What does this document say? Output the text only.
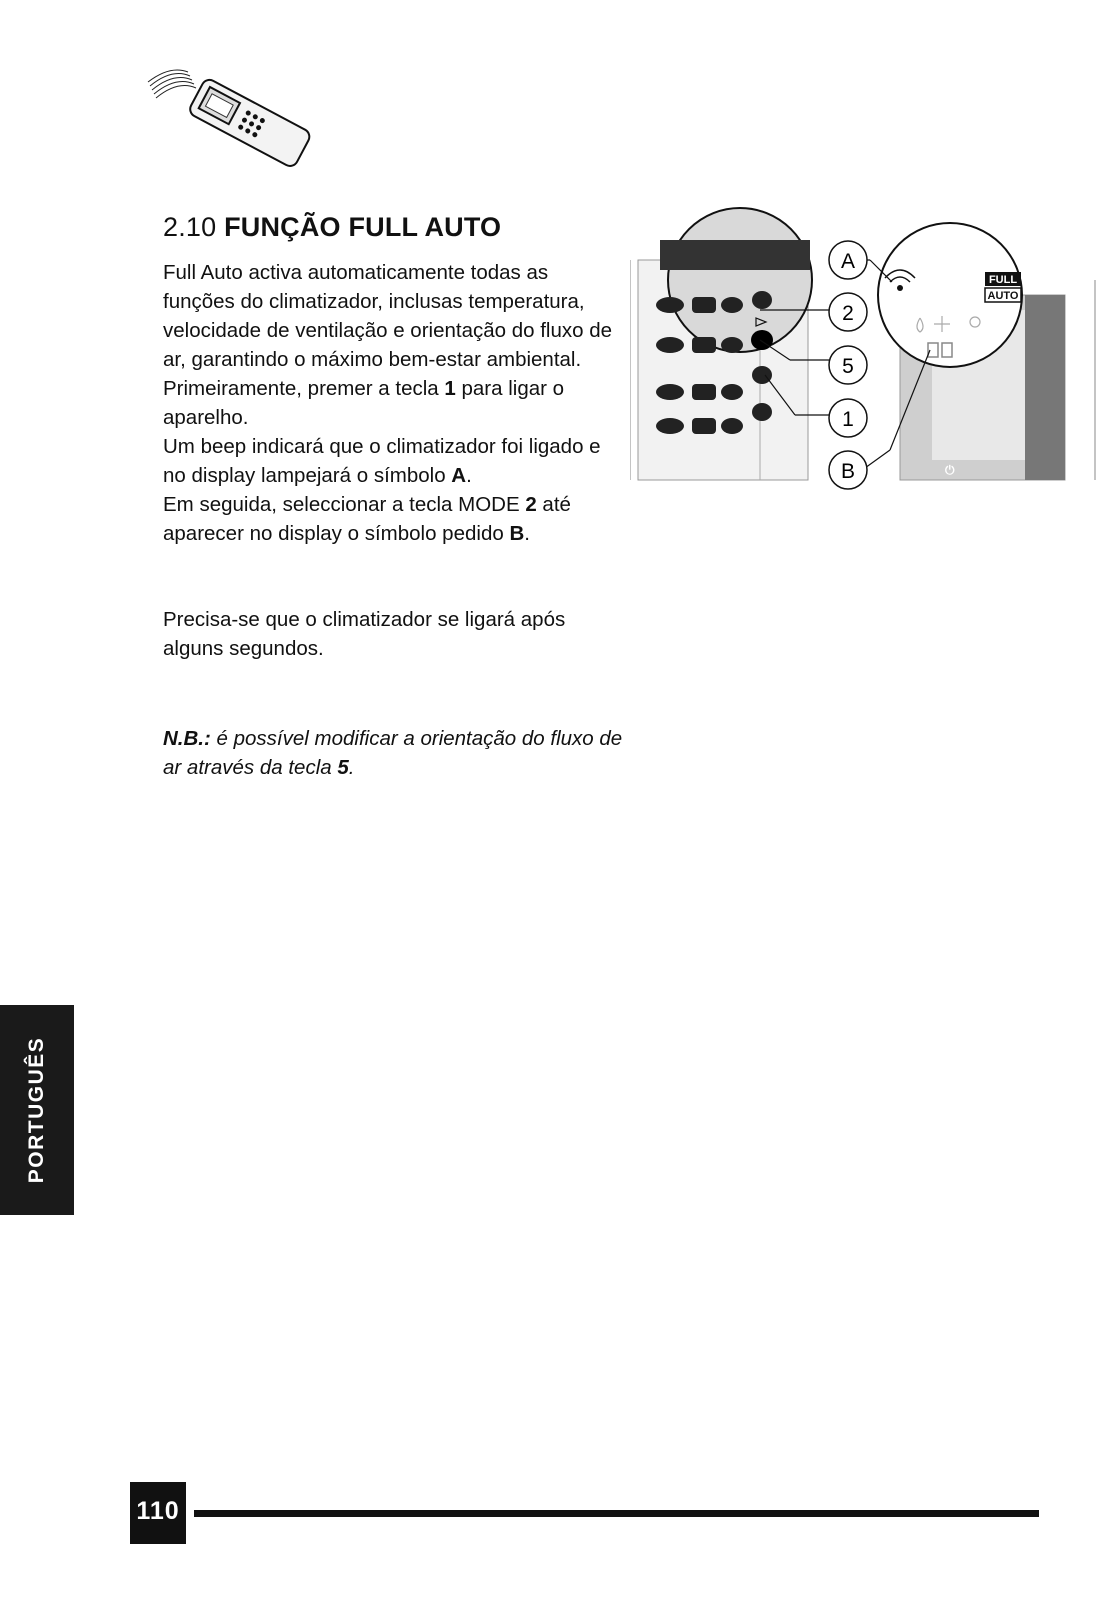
2.10 FUNÇÃO FULL AUTO

Full Auto activa automaticamente todas as funções do climatizador, inclusas temperatura, velocidade de ventilação e orientação do fluxo de ar, garantindo o máximo bem-estar ambiental.

Primeiramente, premer a tecla 1 para ligar o aparelho.

Um beep indicará que o climatizador foi ligado e no display lampejará o símbolo A.

Em seguida, seleccionar a tecla MODE 2 até aparecer no display o símbolo pedido B.

Precisa-se que o climatizador se ligará após alguns segundos.

N.B.: é possível modificar a orientação do fluxo de ar através da tecla 5.

⏻
FULL
AUTO
A
2
5
1
B
PORTUGUÊS
110
